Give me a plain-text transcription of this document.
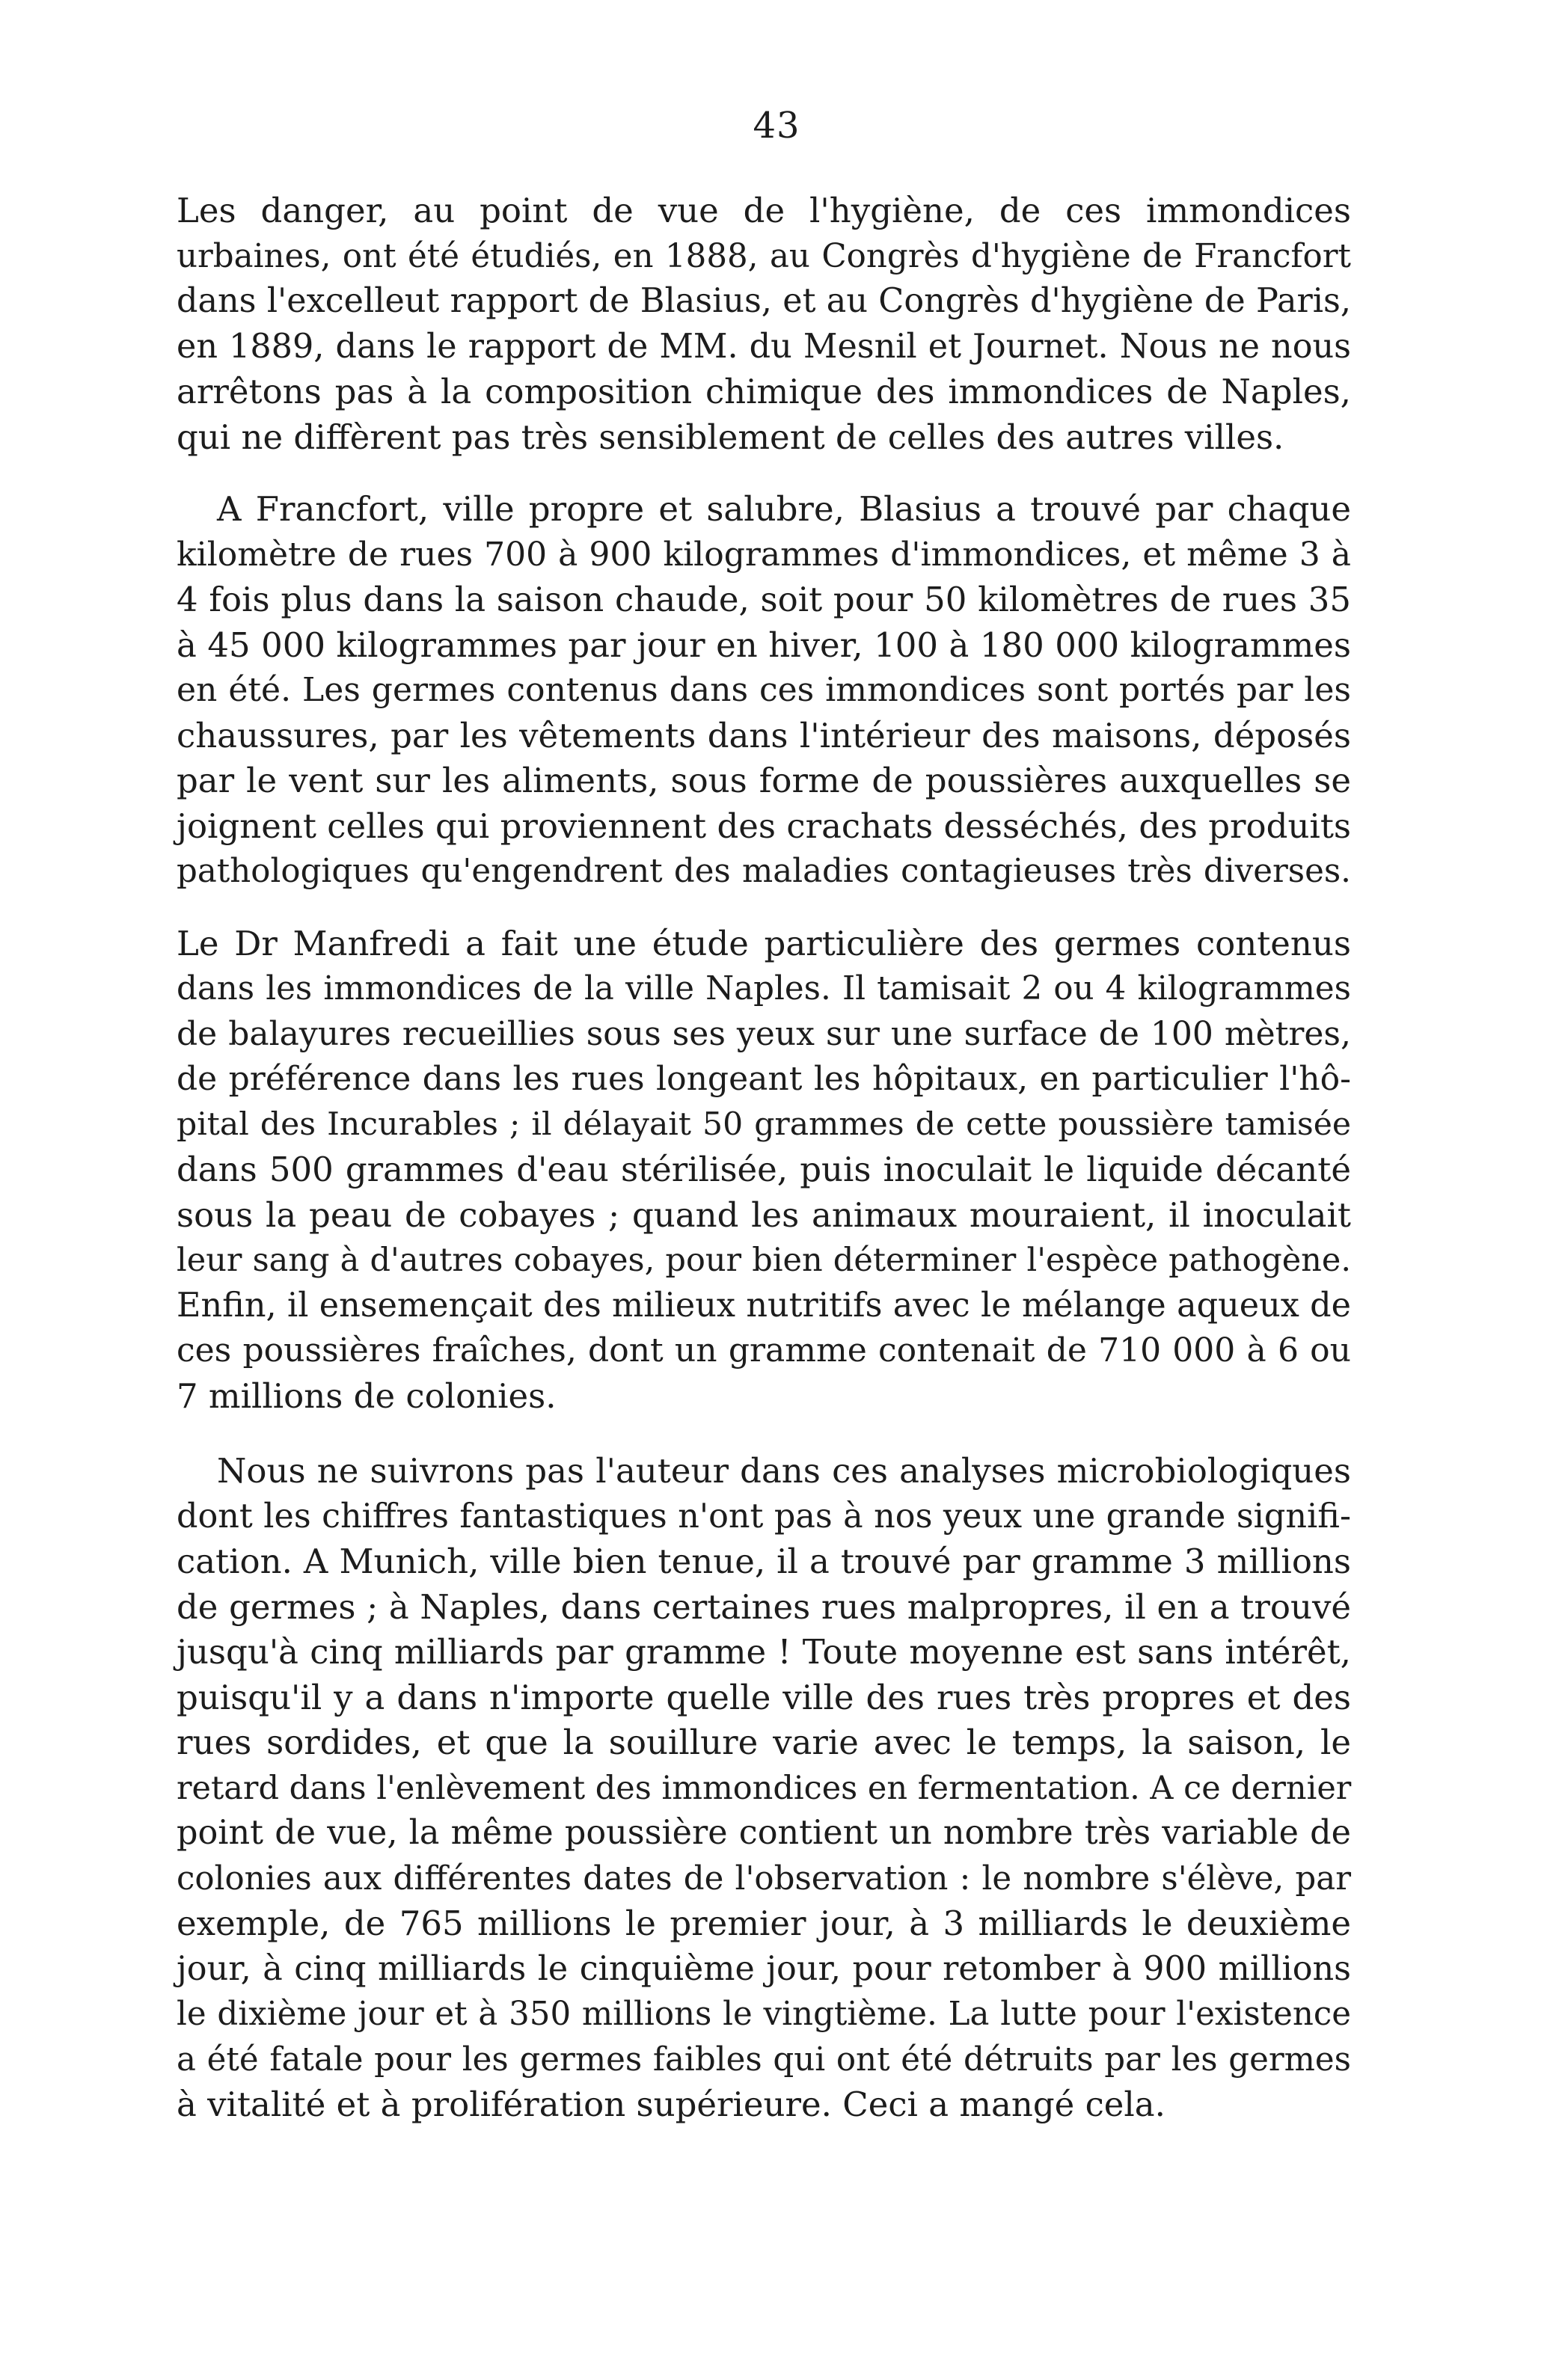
43
Les danger, au point de vue de l'hygiène, de ces immondices
urbaines, ont été étudiés, en 1888, au Congrès d'hygiène de Francfort
dans l'excelleut rapport de Blasius, et au Congrès d'hygiène de Paris,
en 1889, dans le rapport de MM. du Mesnil et Journet. Nous ne nous
arrêtons pas à la composition chimique des immondices de Naples,
qui ne diffèrent pas très sensiblement de celles des autres villes.
A Francfort, ville propre et salubre, Blasius a trouvé par chaque
kilomètre de rues 700 à 900 kilogrammes d'immondices, et même 3 à
4 fois plus dans la saison chaude, soit pour 50 kilomètres de rues 35
à 45 000 kilogrammes par jour en hiver, 100 à 180 000 kilogrammes
en été. Les germes contenus dans ces immondices sont portés par les
chaussures, par les vêtements dans l'intérieur des maisons, déposés
par le vent sur les aliments, sous forme de poussières auxquelles se
joignent celles qui proviennent des crachats desséchés, des produits
pathologiques qu'engendrent des maladies contagieuses très diverses.
Le Dr Manfredi a fait une étude particulière des germes contenus
dans les immondices de la ville Naples. Il tamisait 2 ou 4 kilogrammes
de balayures recueillies sous ses yeux sur une surface de 100 mètres,
de préférence dans les rues longeant les hôpitaux, en particulier l'hô-
pital des Incurables ; il délayait 50 grammes de cette poussière tamisée
dans 500 grammes d'eau stérilisée, puis inoculait le liquide décanté
sous la peau de cobayes ; quand les animaux mouraient, il inoculait
leur sang à d'autres cobayes, pour bien déterminer l'espèce pathogène.
Enfin, il ensemençait des milieux nutritifs avec le mélange aqueux de
ces poussières fraîches, dont un gramme contenait de 710 000 à 6 ou
7 millions de colonies.
Nous ne suivrons pas l'auteur dans ces analyses microbiologiques
dont les chiffres fantastiques n'ont pas à nos yeux une grande signifi-
cation. A Munich, ville bien tenue, il a trouvé par gramme 3 millions
de germes ; à Naples, dans certaines rues malpropres, il en a trouvé
jusqu'à cinq milliards par gramme ! Toute moyenne est sans intérêt,
puisqu'il y a dans n'importe quelle ville des rues très propres et des
rues sordides, et que la souillure varie avec le temps, la saison, le
retard dans l'enlèvement des immondices en fermentation. A ce dernier
point de vue, la même poussière contient un nombre très variable de
colonies aux différentes dates de l'observation : le nombre s'élève, par
exemple, de 765 millions le premier jour, à 3 milliards le deuxième
jour, à cinq milliards le cinquième jour, pour retomber à 900 millions
le dixième jour et à 350 millions le vingtième. La lutte pour l'existence
a été fatale pour les germes faibles qui ont été détruits par les germes
à vitalité et à prolifération supérieure. Ceci a mangé cela.
